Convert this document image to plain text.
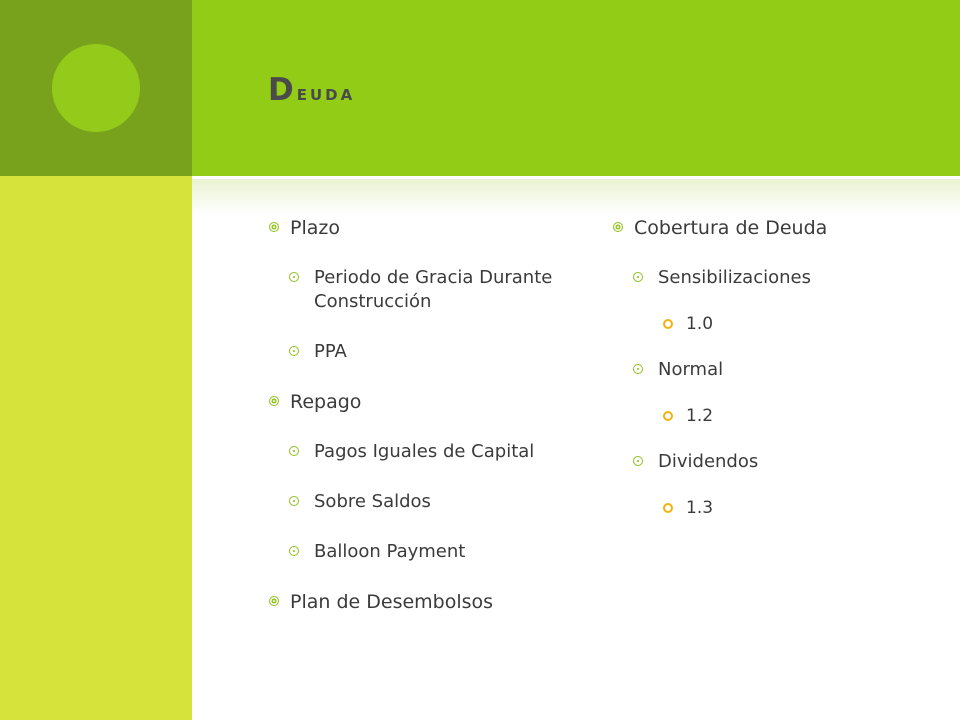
Deuda
Plazo
Periodo de Gracia Durante Construcción
PPA
Repago
Pagos Iguales de Capital
Sobre Saldos
Balloon Payment
Plan de Desembolsos
Cobertura de Deuda
Sensibilizaciones
1.0
Normal
1.2
Dividendos
1.3
